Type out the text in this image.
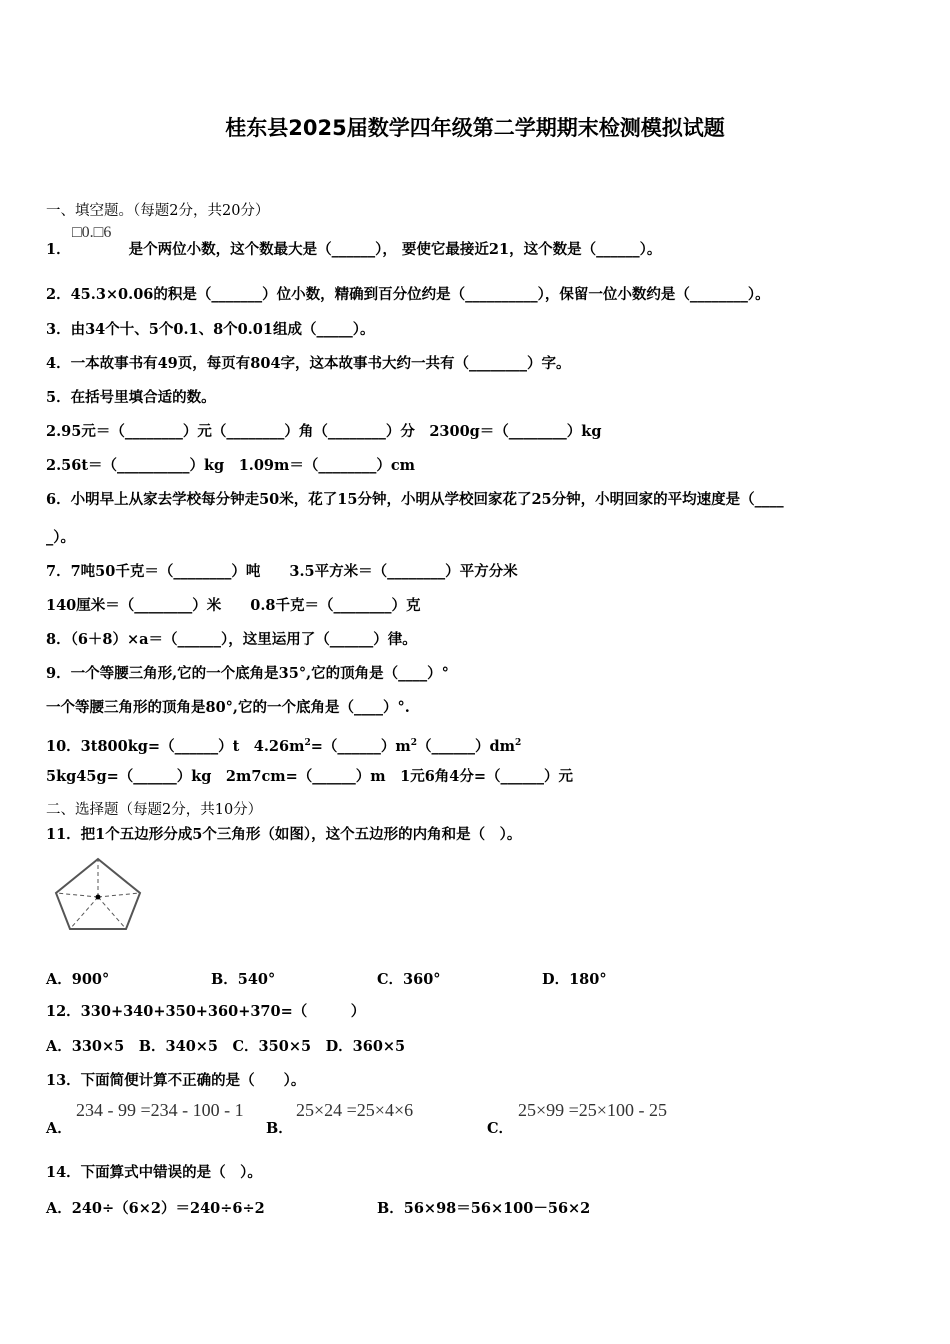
桂东县2025届数学四年级第二学期期末检测模拟试题
一、填空题。（每题2分，共20分）
1．	是个两位小数，这个数最大是（______）， 要使它最接近21，这个数是（______）。
□0.□6
2．45.3×0.06的积是（_______）位小数，精确到百分位约是（__________），保留一位小数约是（________）。
3．由34个十、5个0.1、8个0.01组成（_____）。
4．一本故事书有49页，每页有804字，这本故事书大约一共有（________）字。
5．在括号里填合适的数。
2.95元＝（________）元（________）角（________）分　2300g＝（________）kg
2.56t＝（__________）kg　1.09m＝（________）cm
6．小明早上从家去学校每分钟走50米，花了15分钟，小明从学校回家花了25分钟，小明回家的平均速度是（____
_）。
7．7吨50千克＝（________）吨　　3.5平方米＝（________）平方分米
140厘米＝（________）米　　0.8千克＝（________）克
8．（6＋8）×a＝（______），这里运用了（______）律。
9．一个等腰三角形,它的一个底角是35°,它的顶角是（____）°
一个等腰三角形的顶角是80°,它的一个底角是（____）°.
10．3t800kg=（______）t　$4.26m^2=(\_\_\_\_\_\_)m^2(\_\_\_\_\_\_)dm^2$
5kg45g=（______）kg　2m7cm=（______）m　1元6角4分=（______）元
二、选择题（每题2分，共10分）
11．把1个五边形分成5个三角形（如图），这个五边形的内角和是（　）。
A．900°	B．540°	C．360°	D．180°
12．330+340+350+360+370=（　　　）
A．330×5　B．340×5　C．350×5　D．360×5
13．下面简便计算不正确的是（　　）。
A．
234 - 99 =234 - 100 - 1
B．
25×24 =25×4×6
C．
25×99 =25×100 - 25
14．下面算式中错误的是（　）。
A．240÷（6×2）＝240÷6÷2	B．56×98＝56×100－56×2
